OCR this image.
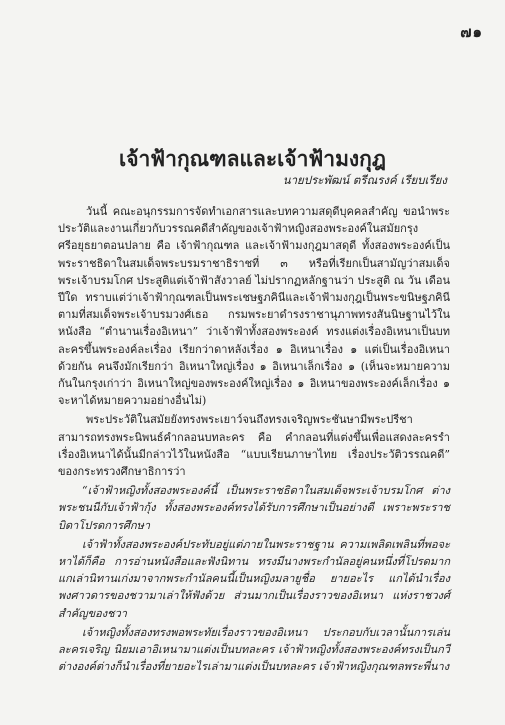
๗๑
เจ้าฟ้ากุณฑลและเจ้าฟ้ามงกุฎ
นายประพัฒน์ ตรีณรงค์ เรียบเรียง

วันนี้ คณะอนุกรรมการจัดทำเอกสารและบทความสดุดีบุคคลสำคัญ ขอนำพระประวัติและงานเกี่ยวกับวรรณคดีสำคัญของเจ้าฟ้าหญิงสองพระองค์ในสมัยกรุงศรีอยุธยาตอนปลาย คือ เจ้าฟ้ากุณฑล และเจ้าฟ้ามงกุฎมาสดุดี ทั้งสองพระองค์เป็นพระราชธิดาในสมเด็จพระบรมราชาธิราชที่ ๓ หรือที่เรียกเป็นสามัญว่าสมเด็จพระเจ้าบรมโกศ ประสูติแต่เจ้าฟ้าสังวาลย์ ไม่ปรากฏหลักฐานว่า ประสูติ ณ วัน เดือน ปีใด ทราบแต่ว่าเจ้าฟ้ากุณฑลเป็นพระเชษฐภคินีและเจ้าฟ้ามงกุฎเป็นพระขนิษฐภคินีตามที่สมเด็จพระเจ้าบรมวงศ์เธอ กรมพระยาดำรงราชานุภาพทรงสันนิษฐานไว้ในหนังสือ “ตำนานเรื่องอิเหนา” ว่าเจ้าฟ้าทั้งสองพระองค์ ทรงแต่งเรื่องอิเหนาเป็นบทละครขึ้นพระองค์ละเรื่อง เรียกว่าดาหลังเรื่อง ๑ อิเหนาเรื่อง ๑ แต่เป็นเรื่องอิเหนาด้วยกัน คนจึงมักเรียกว่า อิเหนาใหญ่เรื่อง ๑ อิเหนาเล็กเรื่อง ๑ (เห็นจะหมายความกันในกรุงเก่าว่า อิเหนาใหญ่ของพระองค์ใหญ่เรื่อง ๑ อิเหนาของพระองค์เล็กเรื่อง ๑ จะหาได้หมายความอย่างอื่นไม่)

พระประวัติในสมัยยังทรงพระเยาว์จนถึงทรงเจริญพระชันษามีพระปรีชาสามารถทรงพระนิพนธ์คำกลอนบทละคร คือ คำกลอนที่แต่งขึ้นเพื่อแสดงละครรำเรื่องอิเหนาได้นั้นมีกล่าวไว้ในหนังสือ “แบบเรียนภาษาไทย เรื่องประวัติวรรณคดี” ของกระทรวงศึกษาธิการว่า

“เจ้าฟ้าหญิงทั้งสองพระองค์นี้ เป็นพระราชธิดาในสมเด็จพระเจ้าบรมโกศ ต่างพระชนนีกับเจ้าฟ้ากุ้ง ทั้งสองพระองค์ทรงได้รับการศึกษาเป็นอย่างดี เพราะพระราชบิดาโปรดการศึกษา

เจ้าฟ้าทั้งสองพระองค์ประทับอยู่แต่ภายในพระราชฐาน ความเพลิดเพลินที่พอจะหาได้ก็คือ การอ่านหนังสือและฟังนิทาน ทรงมีนางพระกำนัลอยู่คนหนึ่งที่โปรดมาก แกเล่านิทานเก่งมาจากพระกำนัลคนนี้เป็นหญิงมลายูชื่อ ยายอะไร แกได้นำเรื่องพงศาวดารของชวามาเล่าให้ฟังด้วย ส่วนมากเป็นเรื่องราวของอิเหนา แห่งราชวงศ์สำคัญของชวา

เจ้าหญิงทั้งสองทรงพอพระทัยเรื่องราวของอิเหนา ประกอบกับเวลานั้นการเล่นละครเจริญ นิยมเอาอิเหนามาแต่งเป็นบทละคร เจ้าฟ้าหญิงทั้งสองพระองค์ทรงเป็นกวีต่างองค์ต่างก็นำเรื่องที่ยายอะไรเล่ามาแต่งเป็นบทละคร เจ้าฟ้าหญิงกุณฑลพระพี่นาง
